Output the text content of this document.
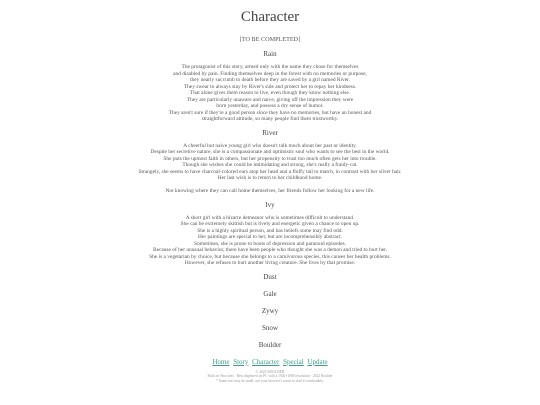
Character
[TO BE COMPLETED]
Rain
The protagonist of this story, armed only with the name they chose for themselves
and disabled by pain. Finding themselves deep in the forest with no memories or purpose,
they nearly succumb to death before they are saved by a girl named River.
They swear to always stay by River's side and protect her to repay her kindness.
That alone gives them reason to live, even though they know nothing else.
They are particularly unaware and naive, giving off the impression they were
born yesterday, and possess a dry sense of humor.
They aren't sure if they're a good person since they have no memories, but have an honest and
straightforward attitude, so many people find them trustworthy.
River
A cheerful but naive young girl who doesn't talk much about her past or identity.
Despite her secretive nature, she is a compassionate and optimistic soul who wants to see the best in the world.
She puts the upmost faith in others, but her propensity to trust too much often gets her into trouble.
Though she wishes she could be intimidating and strong, she's really a fraidy-cat.
Strangely, she seems to have charcoal-colored ears atop her head and a fluffy tail to match, in contrast with her silver hair.
Her last wish is to return to her childhood home.
Not knowing where they can call home themselves, her friends follow her looking for a new life.
Ivy
A short girl with a bizarre demeanor who is sometimes difficult to understand.
She can be extremely skittish but is lively and energetic given a chance to open up.
She is a highly spiritual person, and has beliefs some may find odd.
Her paintings are special to her, but are incomprehensibly abstract.
Sometimes, she is prone to bouts of depression and paranoid episodes.
Because of her unusual behavior, there have been people who thought she was a demon and tried to hurt her.
She is a vegetarian by choice, but because she belongs to a carnivorous species, this causes her health problems.
However, she refuses to hurt another living creature. She lives by that promise.
Dust
Gale
Zywy
Snow
Boulder
Home Story Character Special Update
© 2022 BOULDER
Built on Neocities · Best displayed on PC with a 1920×1080 resolution · 2022 Boulder
* Some text may be small; use your browser's zoom to read it comfortably.
